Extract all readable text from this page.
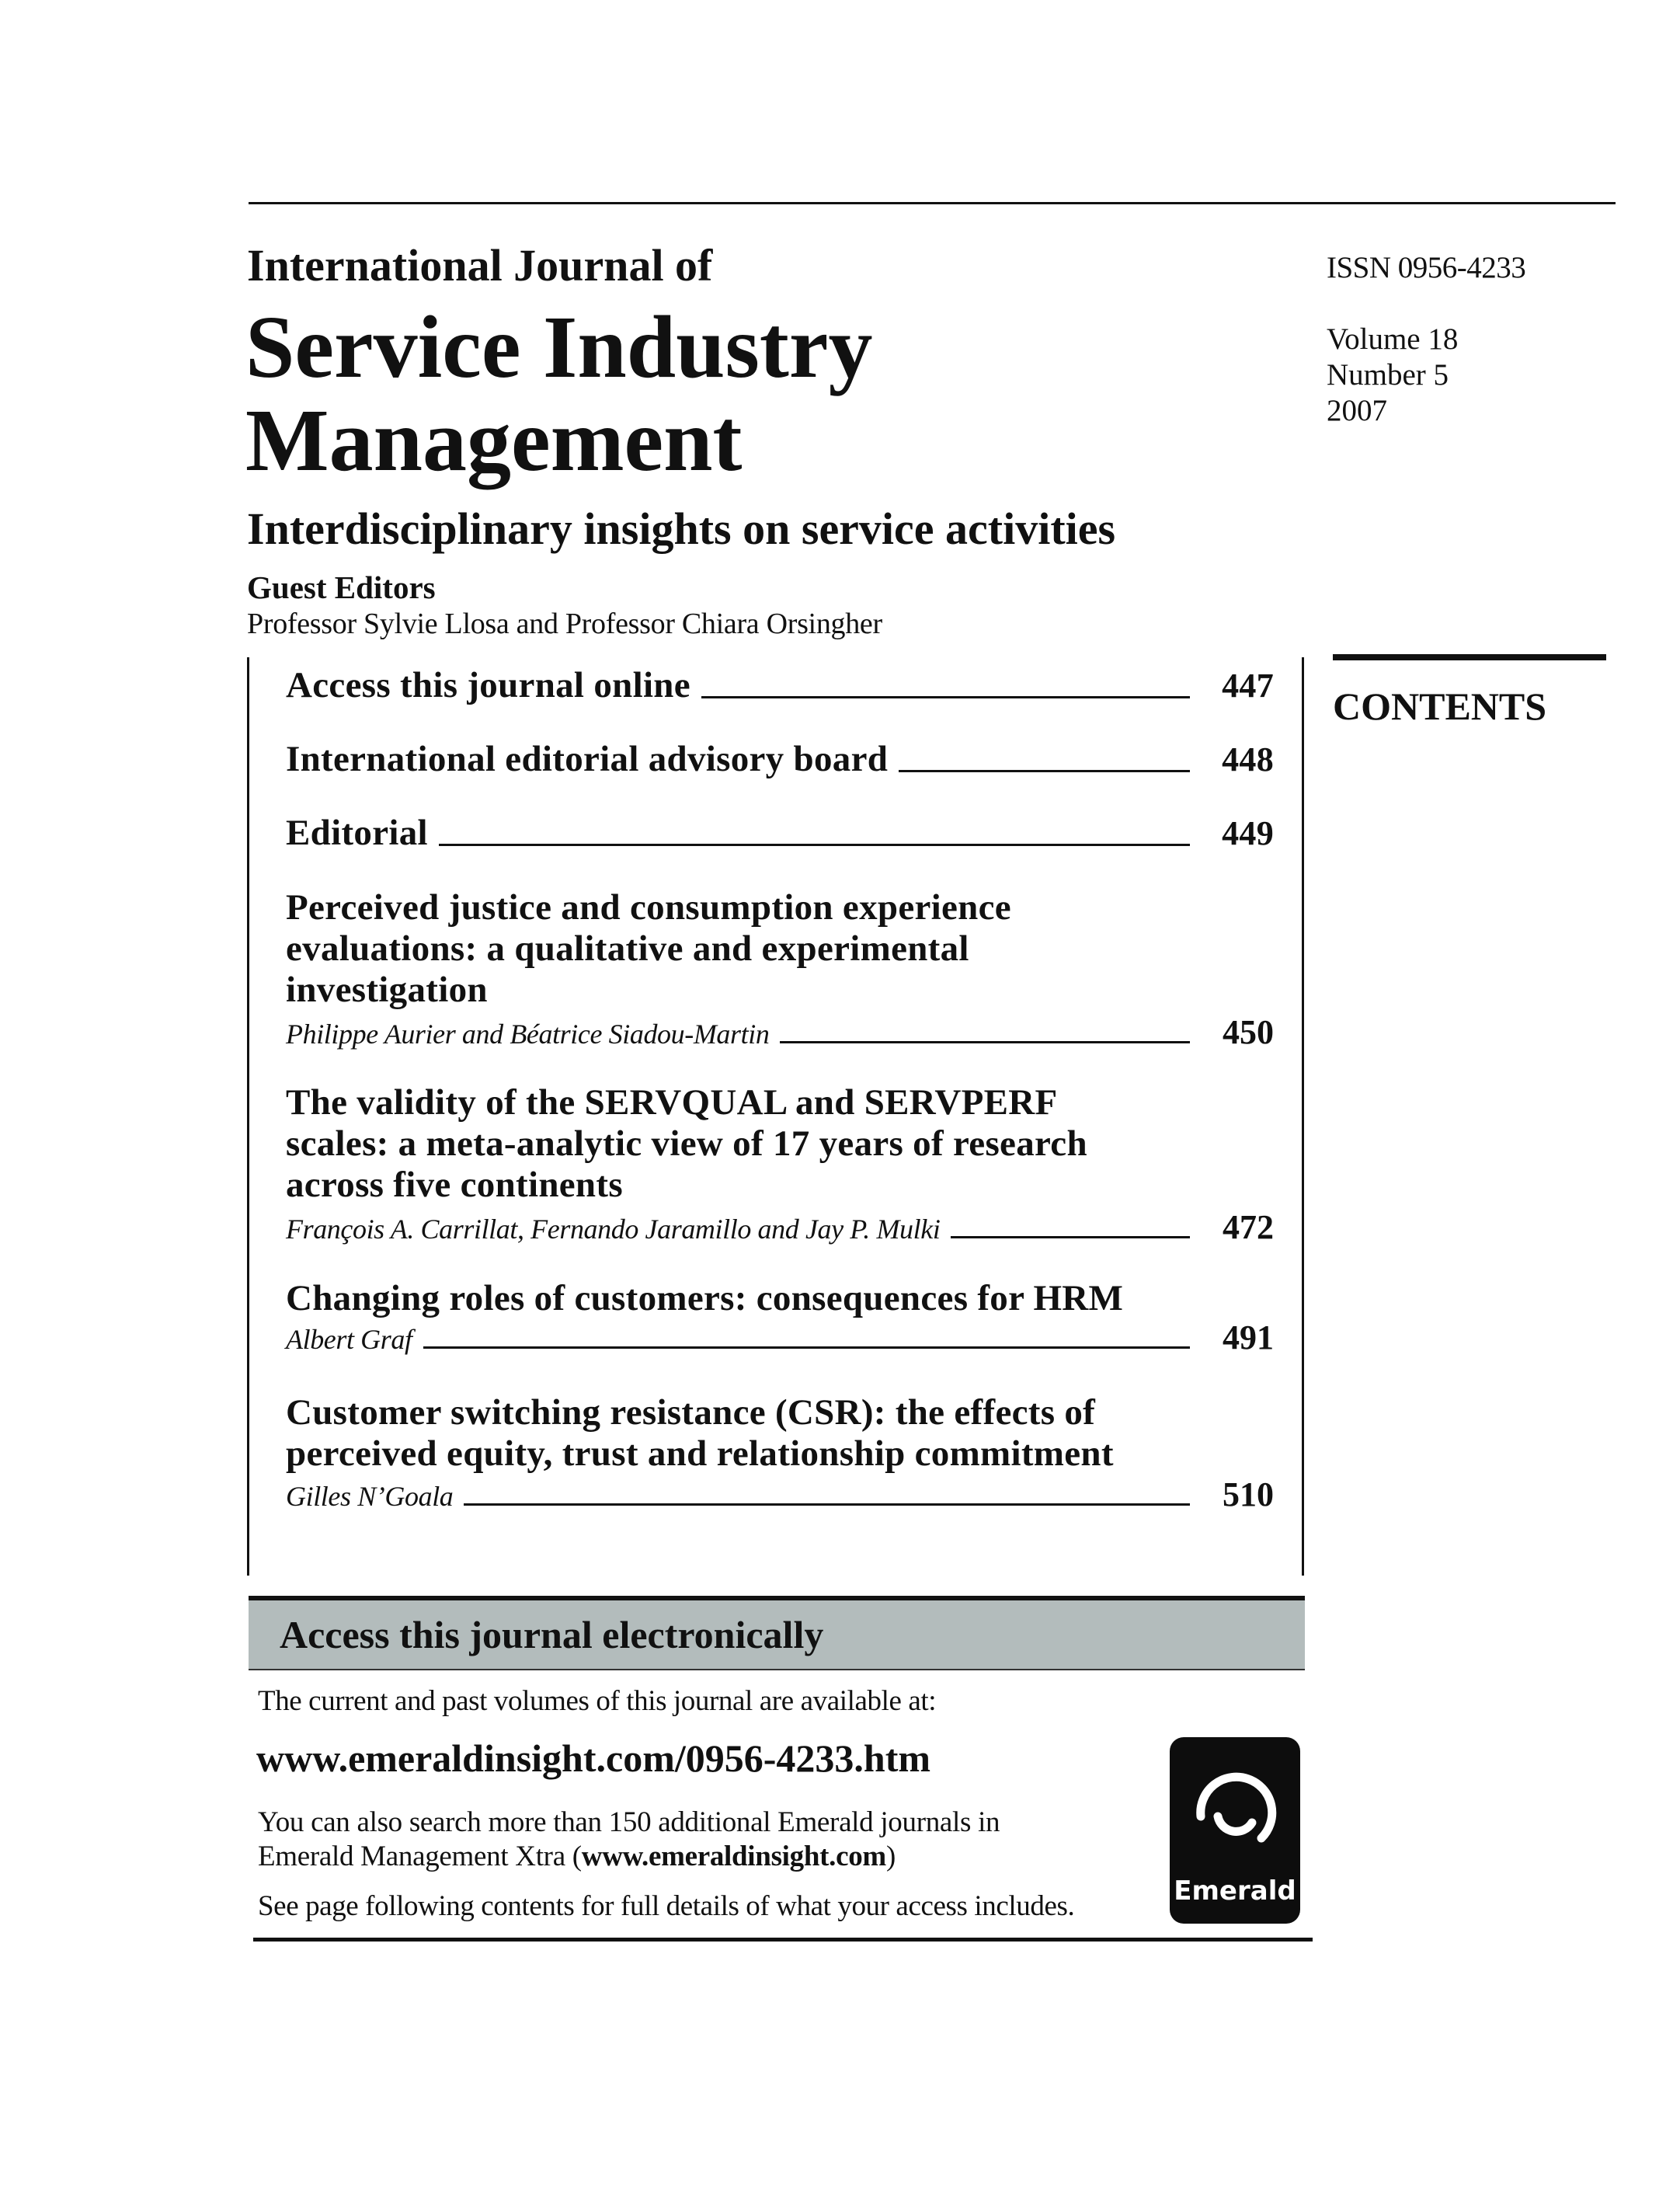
International Journal of
Service Industry
Management
Interdisciplinary insights on service activities
Guest Editors
Professor Sylvie Llosa and Professor Chiara Orsingher
ISSN 0956-4233
Volume 18
Number 5
2007
CONTENTS
Access this journal online	447
International editorial advisory board	448
Editorial	449
Perceived justice and consumption experience
evaluations: a qualitative and experimental
investigation
Philippe Aurier and Béatrice Siadou-Martin	450
The validity of the SERVQUAL and SERVPERF
scales: a meta-analytic view of 17 years of research
across five continents
François A. Carrillat, Fernando Jaramillo and Jay P. Mulki	472
Changing roles of customers: consequences for HRM
Albert Graf	491
Customer switching resistance (CSR): the effects of
perceived equity, trust and relationship commitment
Gilles N’Goala	510
Access this journal electronically
The current and past volumes of this journal are available at:
www.emeraldinsight.com/0956-4233.htm
You can also search more than 150 additional Emerald journals in
Emerald Management Xtra (www.emeraldinsight.com)
See page following contents for full details of what your access includes.	Emerald
